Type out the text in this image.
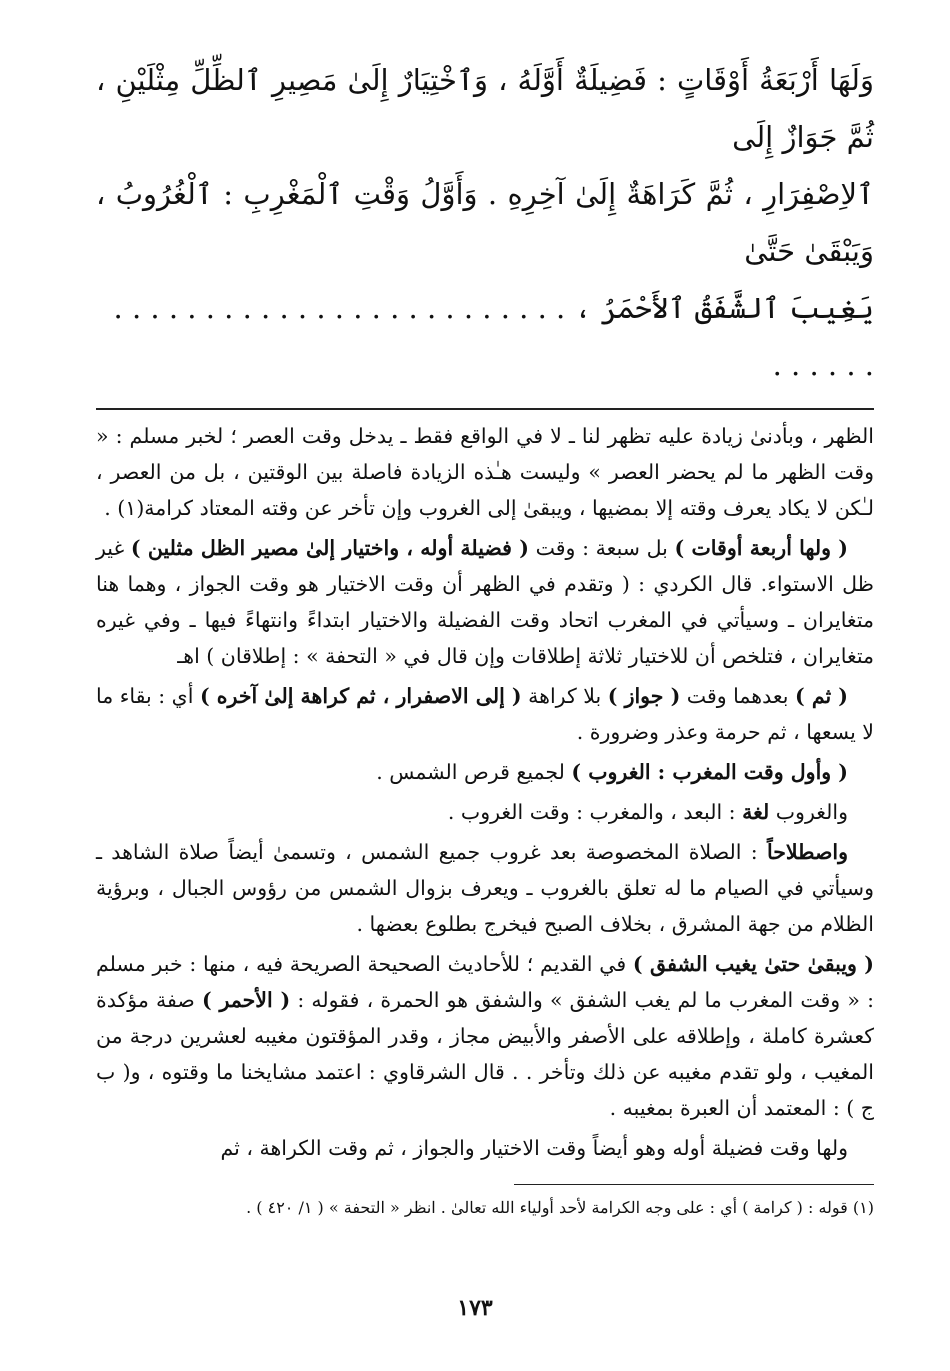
وَلَهَا أَرْبَعَةُ أَوْقَاتٍ : فَضِيلَةٌ أَوَّلَهُ ، وَٱخْتِيَارٌ إِلَىٰ مَصِيرِ ٱلظِّلِّ مِثْلَيْنِ ، ثُمَّ جَوَازٌ إِلَى
ٱلاِصْفِرَارِ ، ثُمَّ كَرَاهَةٌ إِلَىٰ آخِرِهِ . وَأَوَّلُ وَقْتِ ٱلْمَغْرِبِ : ٱلْغُرُوبُ ، وَيَبْقَىٰ حَتَّىٰ
يَغِيبَ ٱلشَّفَقُ ٱلأَحْمَرُ ، . . . . . . . . . . . . . . . . . . . . . . . . . . . . . . .

الظهر ، وبأدنىٰ زيادة عليه تظهر لنا ـ لا في الواقع فقط ـ يدخل وقت العصر ؛ لخبر مسلم : « وقت الظهر ما لم يحضر العصر » وليست هـٰذه الزيادة فاصلة بين الوقتين ، بل من العصر ، لـٰكن لا يكاد يعرف وقته إلا بمضيها ، ويبقىٰ إلى الغروب وإن تأخر عن وقته المعتاد كرامة(١) .

( ولها أربعة أوقات ) بل سبعة : وقت ( فضيلة أوله ، واختيار إلىٰ مصير الظل مثلين ) غير ظل الاستواء. قال الكردي : ( وتقدم في الظهر أن وقت الاختيار هو وقت الجواز ، وهما هنا متغايران ـ وسيأتي في المغرب اتحاد وقت الفضيلة والاختيار ابتداءً وانتهاءً فيها ـ وفي غيره متغايران ، فتلخص أن للاختيار ثلاثة إطلاقات وإن قال في « التحفة » : إطلاقان ) اهـ

( ثم ) بعدهما وقت ( جواز ) بلا كراهة ( إلى الاصفرار ، ثم كراهة إلىٰ آخره ) أي : بقاء ما لا يسعها ، ثم حرمة وعذر وضرورة .

( وأول وقت المغرب : الغروب ) لجميع قرص الشمس .

والغروب لغة : البعد ، والمغرب : وقت الغروب .

واصطلاحاً : الصلاة المخصوصة بعد غروب جميع الشمس ، وتسمىٰ أيضاً صلاة الشاهد ـ وسيأتي في الصيام ما له تعلق بالغروب ـ ويعرف بزوال الشمس من رؤوس الجبال ، وبرؤية الظلام من جهة المشرق ، بخلاف الصبح فيخرج بطلوع بعضها .

( ويبقىٰ حتىٰ يغيب الشفق ) في القديم ؛ للأحاديث الصحيحة الصريحة فيه ، منها : خبر مسلم : « وقت المغرب ما لم يغب الشفق » والشفق هو الحمرة ، فقوله : ( الأحمر ) صفة مؤكدة كعشرة كاملة ، وإطلاقه على الأصفر والأبيض مجاز ، وقدر المؤقتون مغيبه لعشرين درجة من المغيب ، ولو تقدم مغيبه عن ذلك وتأخر . . قال الشرقاوي : اعتمد مشايخنا ما وقتوه ، و( ب ج ) : المعتمد أن العبرة بمغيبه .

ولها وقت فضيلة أوله وهو أيضاً وقت الاختيار والجواز ، ثم وقت الكراهة ، ثم

(١) قوله : ( كرامة ) أي : على وجه الكرامة لأحد أولياء الله تعالىٰ . انظر « التحفة » ( ١/ ٤٢٠ ) .
١٧٣
